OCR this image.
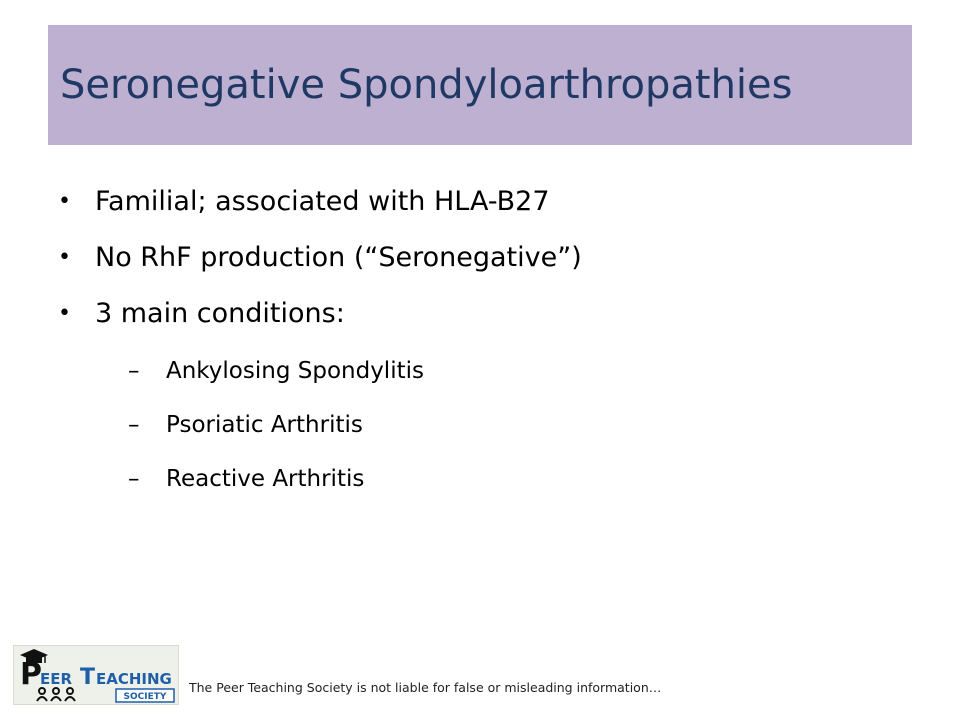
Seronegative Spondyloarthropathies
• Familial; associated with HLA-B27
• No RhF production (“Seronegative”)
• 3 main conditions:
–	Ankylosing Spondylitis
–	Psoriatic Arthritis
–	Reactive Arthritis
P
EER T EACHING
SOCIETY
The Peer Teaching Society is not liable for false or misleading information…
